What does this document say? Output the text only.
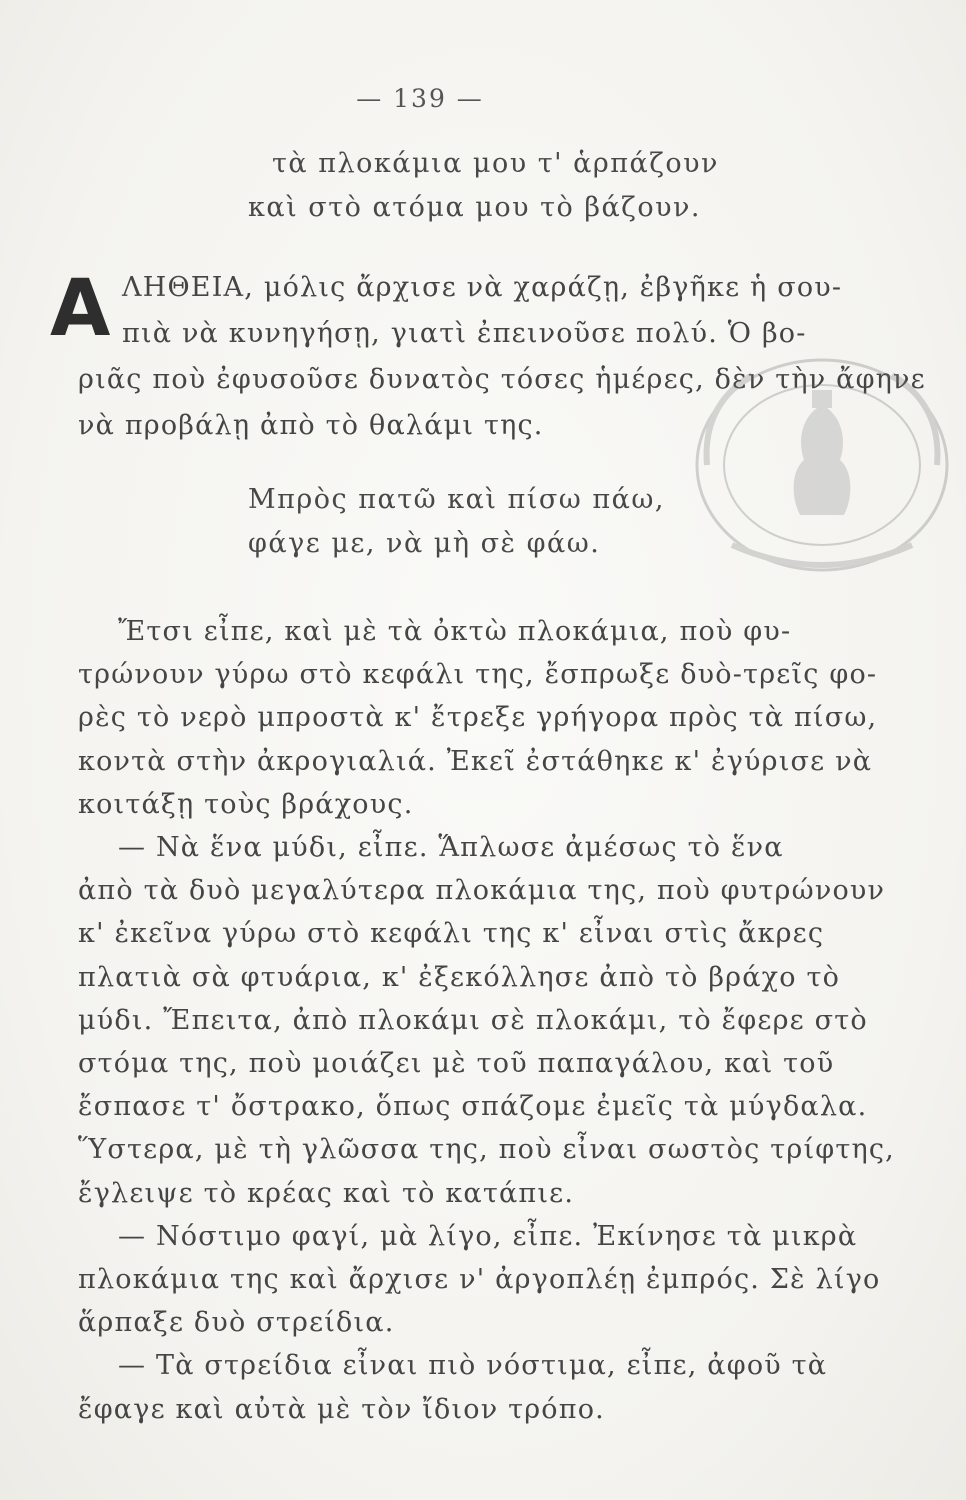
— 139 —
τὰ πλοκάμια μου τ' ἁρπάζουν
καὶ στὸ ατόμα μου τὸ βάζουν.
Α ΛΗΘΕΙΑ, μόλις ἄρχισε νὰ χαράζῃ, ἐβγῆκε ἡ σου-
πιὰ νὰ κυνηγήσῃ, γιατὶ ἐπεινοῦσε πολύ. Ὁ βο-
ριᾶς ποὺ ἐφυσοῦσε δυνατὸς τόσες ἡμέρες, δὲν τὴν ἄφηνε
νὰ προβάλῃ ἀπὸ τὸ θαλάμι της.
Μπρὸς πατῶ καὶ πίσω πάω,
φάγε με, νὰ μὴ σὲ φάω.
Ἔτσι εἶπε, καὶ μὲ τὰ ὀκτὼ πλοκάμια, ποὺ φυ-
τρώνουν γύρω στὸ κεφάλι της, ἔσπρωξε δυὸ-τρεῖς φο-
ρὲς τὸ νερὸ μπροστὰ κ' ἔτρεξε γρήγορα πρὸς τὰ πίσω,
κοντὰ στὴν ἀκρογιαλιά. Ἐκεῖ ἐστάθηκε κ' ἐγύρισε νὰ
κοιτάξῃ τοὺς βράχους.
— Νὰ ἕνα μύδι, εἶπε. Ἅπλωσε ἀμέσως τὸ ἕνα
ἀπὸ τὰ δυὸ μεγαλύτερα πλοκάμια της, ποὺ φυτρώνουν
κ' ἐκεῖνα γύρω στὸ κεφάλι της κ' εἶναι στὶς ἄκρες
πλατιὰ σὰ φτυάρια, κ' ἐξεκόλλησε ἀπὸ τὸ βράχο τὸ
μύδι. Ἔπειτα, ἀπὸ πλοκάμι σὲ πλοκάμι, τὸ ἔφερε στὸ
στόμα της, ποὺ μοιάζει μὲ τοῦ παπαγάλου, καὶ τοῦ
ἔσπασε τ' ὄστρακο, ὅπως σπάζομε ἐμεῖς τὰ μύγδαλα.
Ὕστερα, μὲ τὴ γλῶσσα της, ποὺ εἶναι σωστὸς τρίφτης,
ἔγλειψε τὸ κρέας καὶ τὸ κατάπιε.
— Νόστιμο φαγί, μὰ λίγο, εἶπε. Ἐκίνησε τὰ μικρὰ
πλοκάμια της καὶ ἄρχισε ν' ἀργοπλέῃ ἐμπρός. Σὲ λίγο
ἅρπαξε δυὸ στρείδια.
— Τὰ στρείδια εἶναι πιὸ νόστιμα, εἶπε, ἀφοῦ τὰ
ἔφαγε καὶ αὐτὰ μὲ τὸν ἴδιον τρόπο.
